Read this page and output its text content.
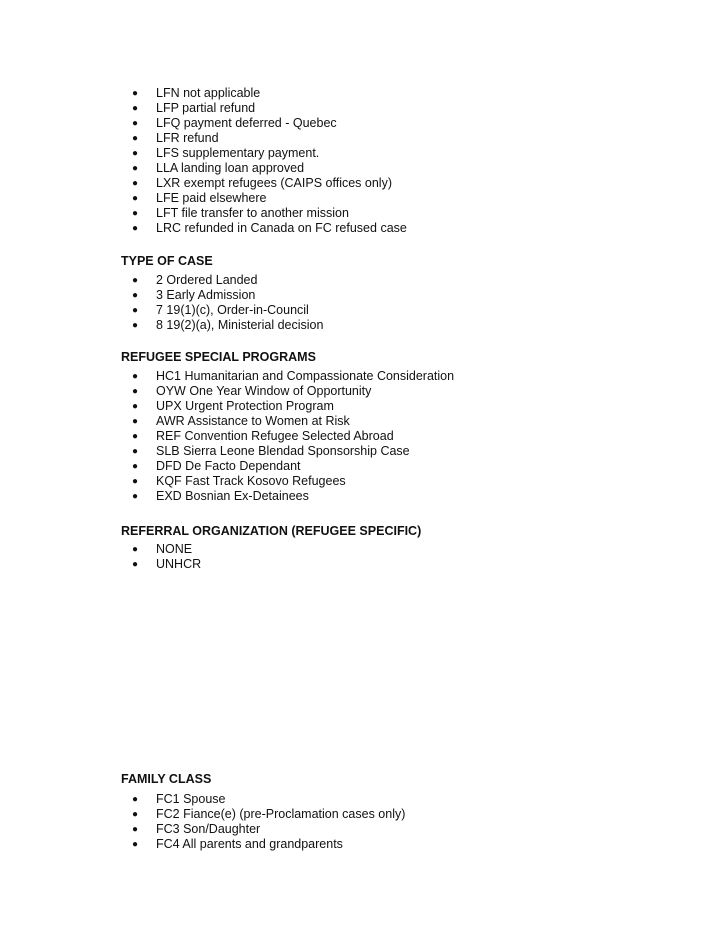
● LFN not applicable
● LFP partial refund
● LFQ payment deferred - Quebec
● LFR refund
● LFS supplementary payment.
● LLA landing loan approved
● LXR exempt refugees (CAIPS offices only)
● LFE paid elsewhere
● LFT file transfer to another mission
● LRC refunded in Canada on FC refused case
TYPE OF CASE
● 2 Ordered Landed
● 3 Early Admission
● 7 19(1)(c), Order-in-Council
● 8 19(2)(a), Ministerial decision
REFUGEE SPECIAL PROGRAMS
● HC1 Humanitarian and Compassionate Consideration
● OYW One Year Window of Opportunity
● UPX Urgent Protection Program
● AWR Assistance to Women at Risk
● REF Convention Refugee Selected Abroad
● SLB Sierra Leone Blendad Sponsorship Case
● DFD De Facto Dependant
● KQF Fast Track Kosovo Refugees
● EXD Bosnian Ex-Detainees
REFERRAL ORGANIZATION (REFUGEE SPECIFIC)
● NONE
● UNHCR
FAMILY CLASS
● FC1 Spouse
● FC2 Fiance(e) (pre-Proclamation cases only)
● FC3 Son/Daughter
● FC4 All parents and grandparents
